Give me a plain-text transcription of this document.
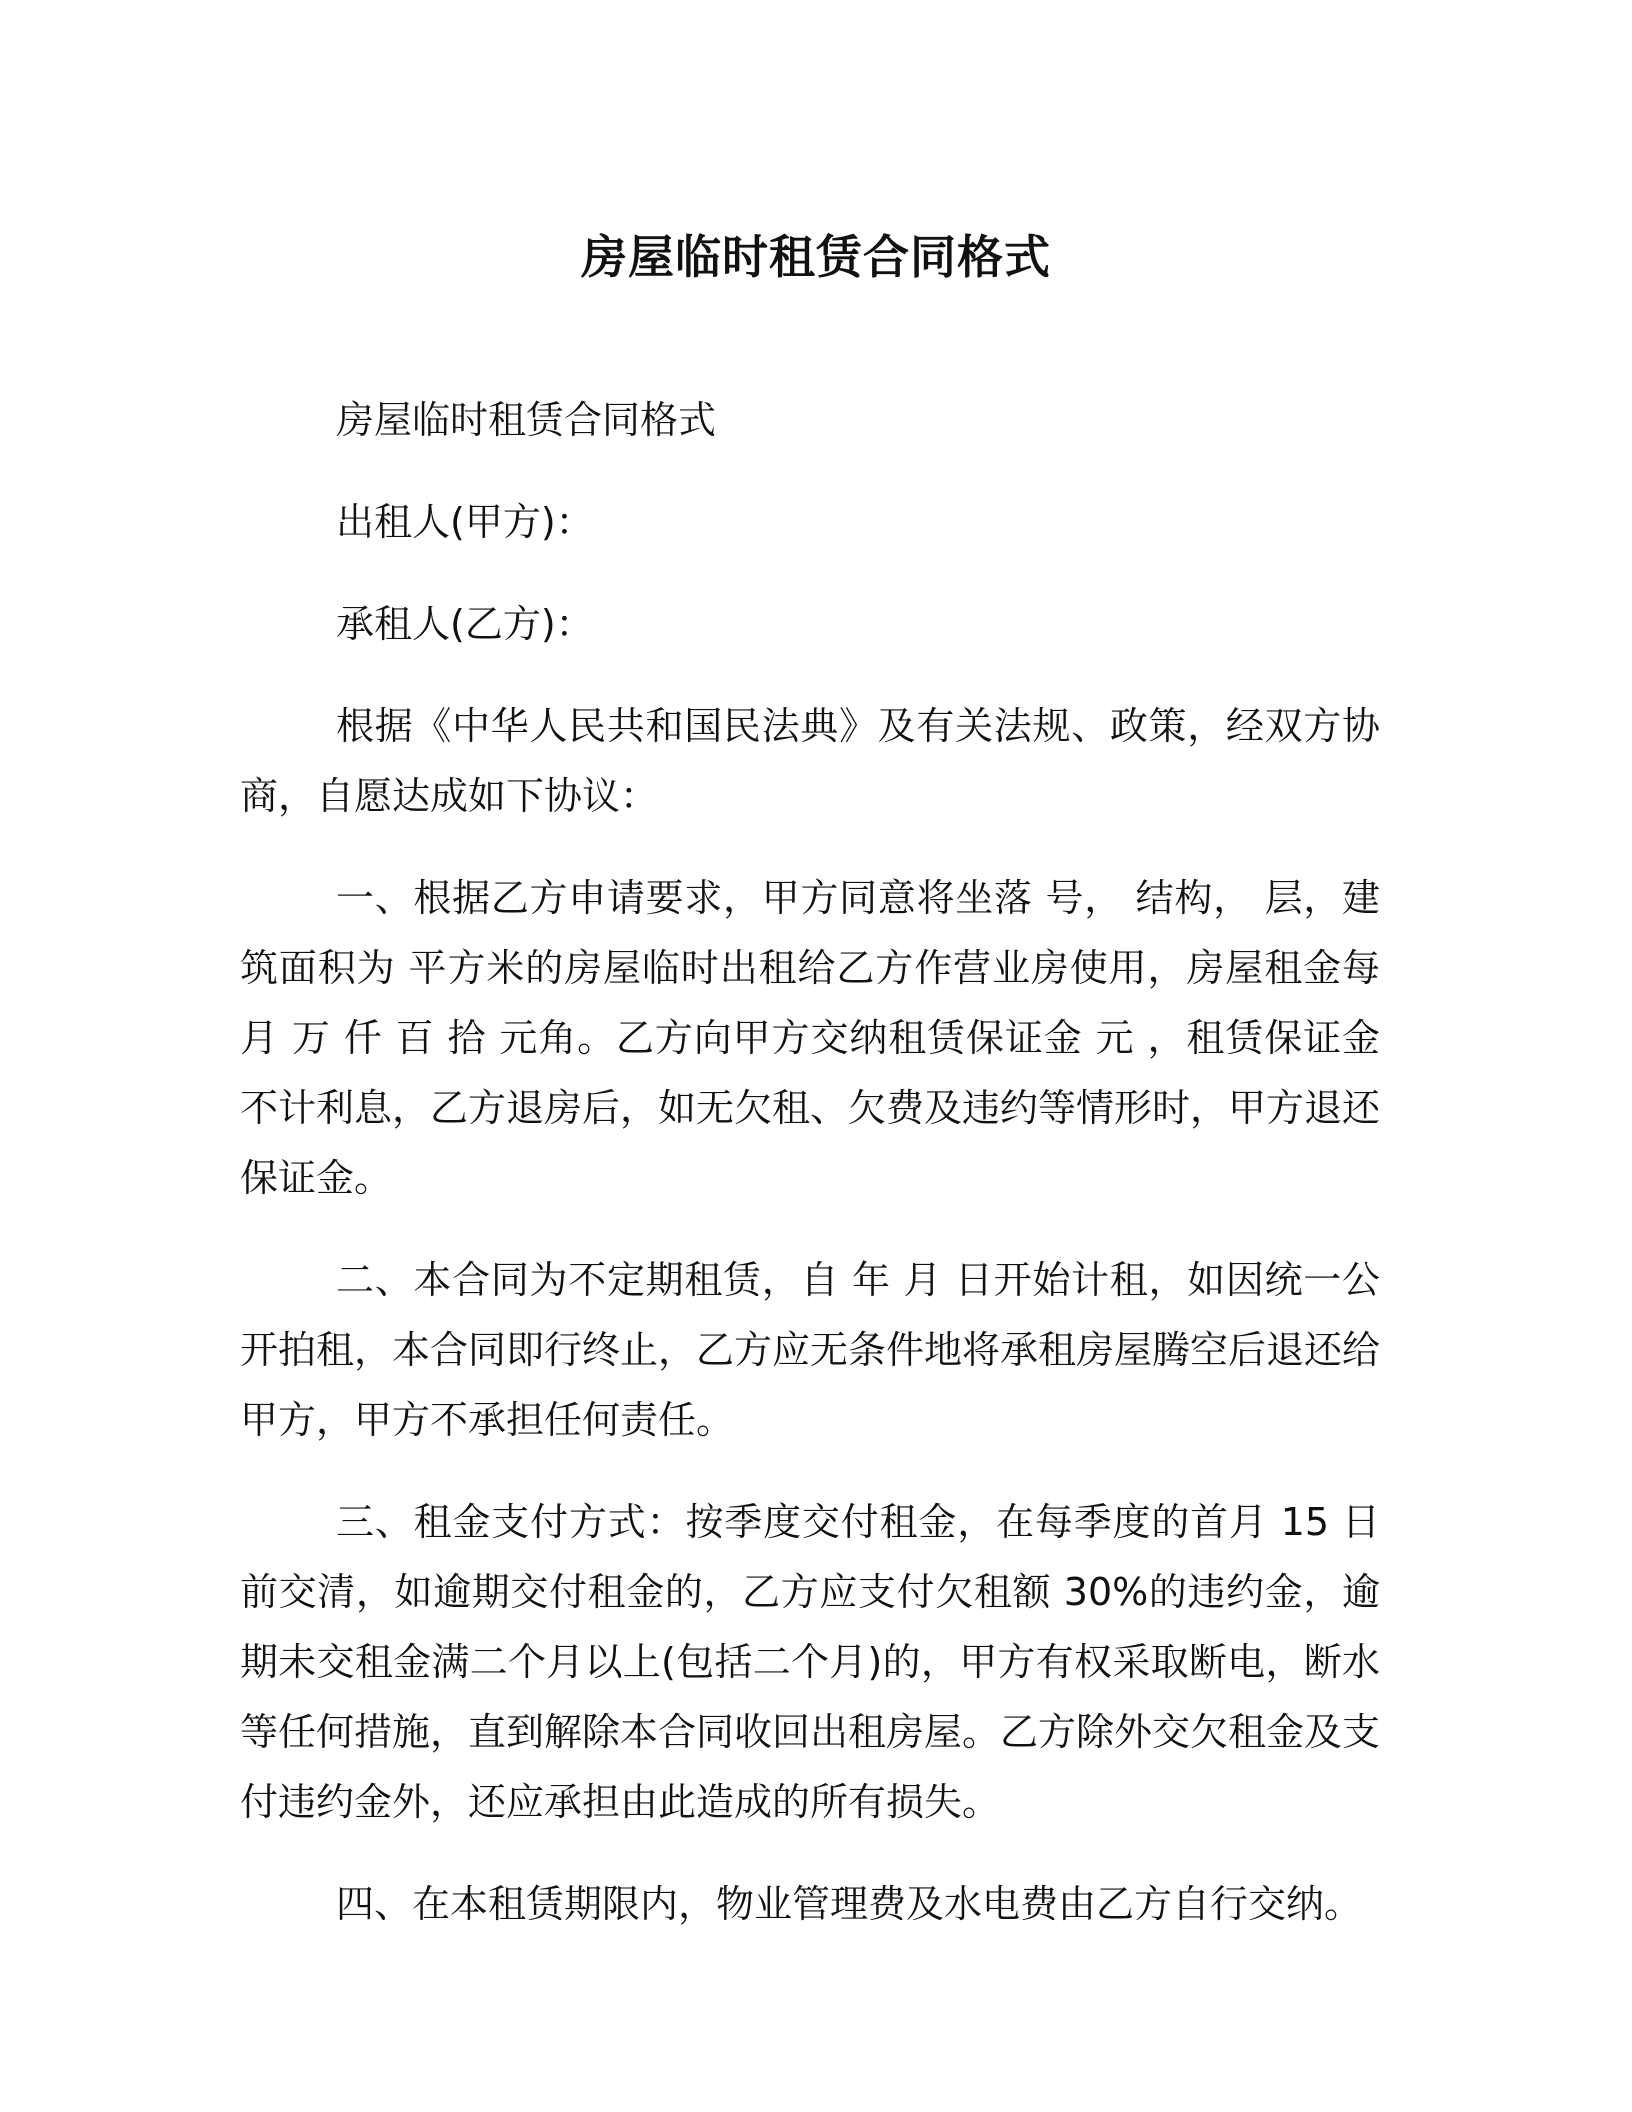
房屋临时租赁合同格式

房屋临时租赁合同格式

出租人(甲方)：

承租人(乙方)：

根据《中华人民共和国民法典》及有关法规、政策，经双方协商，自愿达成如下协议：

一、根据乙方申请要求，甲方同意将坐落 号， 结构， 层，建筑面积为 平方米的房屋临时出租给乙方作营业房使用，房屋租金每月 万 仟 百 拾 元角。乙方向甲方交纳租赁保证金 元 ，租赁保证金不计利息，乙方退房后，如无欠租、欠费及违约等情形时，甲方退还保证金。

二、本合同为不定期租赁，自 年 月 日开始计租，如因统一公开拍租，本合同即行终止，乙方应无条件地将承租房屋腾空后退还给甲方，甲方不承担任何责任。

三、租金支付方式：按季度交付租金，在每季度的首月 15 日前交清，如逾期交付租金的，乙方应支付欠租额 30%的违约金，逾期未交租金满二个月以上(包括二个月)的，甲方有权采取断电，断水等任何措施，直到解除本合同收回出租房屋。乙方除外交欠租金及支付违约金外，还应承担由此造成的所有损失。

四、在本租赁期限内，物业管理费及水电费由乙方自行交纳。
